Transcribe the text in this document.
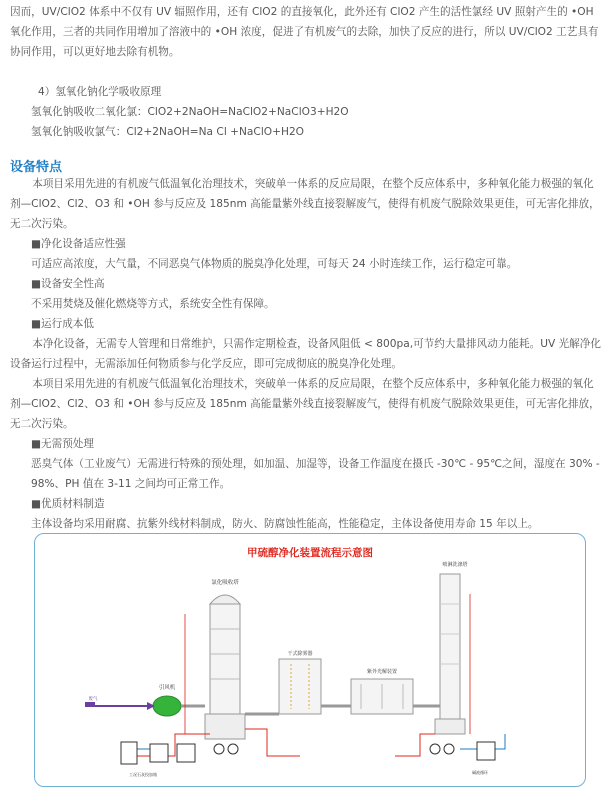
因而，UV/ClO2 体系中不仅有 UV 辐照作用，还有 ClO2 的直接氧化，此外还有 ClO2 产生的活性氯经 UV 照射产生的 •OH 氧化作用，三者的共同作用增加了溶液中的 •OH 浓度，促进了有机废气的去除，加快了反应的进行，所以 UV/ClO2 工艺具有协同作用，可以更好地去除有机物。

4）氢氧化钠化学吸收原理

氢氧化钠吸收二氧化氯：ClO2+2NaOH=NaClO2+NaClO3+H2O

氢氧化钠吸收氯气：Cl2+2NaOH=Na Cl +NaClO+H2O

设备特点

本项目采用先进的有机废气低温氧化治理技术，突破单一体系的反应局限，在整个反应体系中，多种氧化能力极强的氧化剂—ClO2、Cl2、O3 和 •OH 参与反应及 185nm 高能量紫外线直接裂解废气，使得有机废气脱除效果更佳，可无害化排放，无二次污染。

■净化设备适应性强

可适应高浓度，大气量，不同恶臭气体物质的脱臭净化处理，可每天 24 小时连续工作，运行稳定可靠。

■设备安全性高

不采用焚烧及催化燃烧等方式，系统安全性有保障。

■运行成本低

本净化设备，无需专人管理和日常维护，只需作定期检查，设备风阻低 < 800pa,可节约大量排风动力能耗。UV 光解净化设备运行过程中，无需添加任何物质参与化学反应，即可完成彻底的脱臭净化处理。

本项目采用先进的有机废气低温氧化治理技术，突破单一体系的反应局限，在整个反应体系中，多种氧化能力极强的氧化剂—ClO2、Cl2、O3 和 •OH 参与反应及 185nm 高能量紫外线直接裂解废气，使得有机废气脱除效果更佳，可无害化排放，无二次污染。

■无需预处理

恶臭气体（工业废气）无需进行特殊的预处理，如加温、加湿等，设备工作温度在摄氏 -30℃ - 95℃之间，湿度在 30% - 98%、PH 值在 3-11 之间均可正常工作。

■优质材料制造

主体设备均采用耐腐、抗紫外线材料制成，防火、防腐蚀性能高，性能稳定，主体设备使用寿命 15 年以上。

甲硫醇净化装置流程示意图
氯化吸收塔
干式除雾器
紫外光解装置
喷淋洗涤塔
引风机
废气
工况石灰投加箱	碱液循环
